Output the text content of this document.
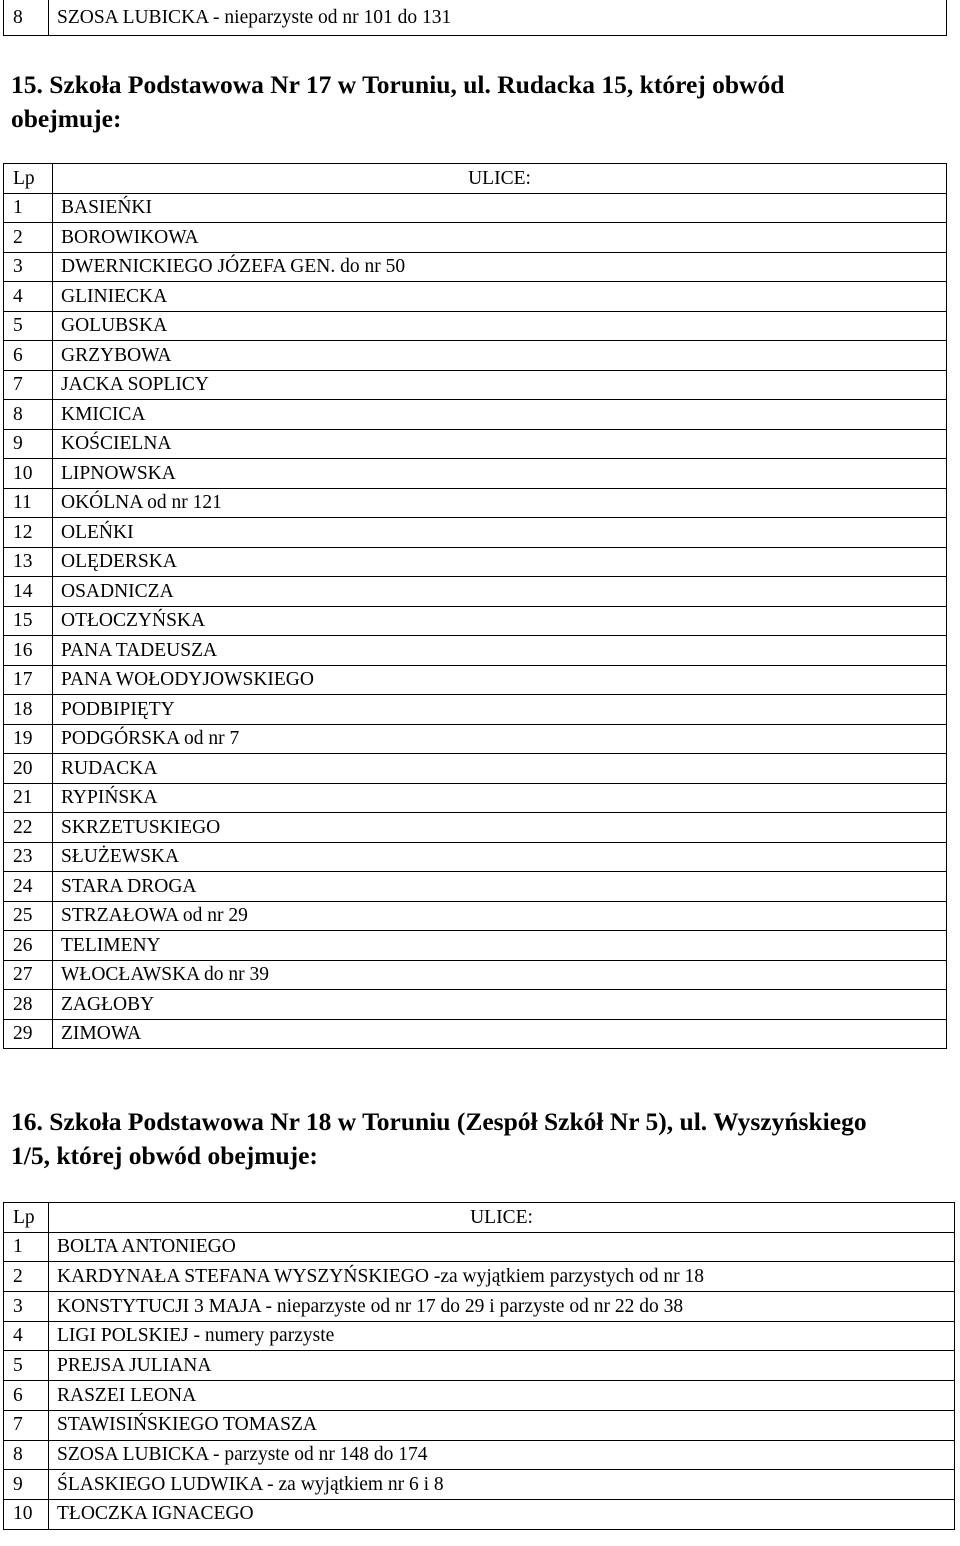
8	SZOSA LUBICKA - nieparzyste od nr 101 do 131
15. Szkoła Podstawowa Nr 17 w Toruniu, ul. Rudacka 15, której obwód
obejmuje:
Lp	ULICE:
1	BASIEŃKI
2	BOROWIKOWA
3	DWERNICKIEGO JÓZEFA GEN. do nr 50
4	GLINIECKA
5	GOLUBSKA
6	GRZYBOWA
7	JACKA SOPLICY
8	KMICICA
9	KOŚCIELNA
10	LIPNOWSKA
11	OKÓLNA od nr 121
12	OLEŃKI
13	OLĘDERSKA
14	OSADNICZA
15	OTŁOCZYŃSKA
16	PANA TADEUSZA
17	PANA WOŁODYJOWSKIEGO
18	PODBIPIĘTY
19	PODGÓRSKA od nr 7
20	RUDACKA
21	RYPIŃSKA
22	SKRZETUSKIEGO
23	SŁUŻEWSKA
24	STARA DROGA
25	STRZAŁOWA od nr 29
26	TELIMENY
27	WŁOCŁAWSKA do nr 39
28	ZAGŁOBY
29	ZIMOWA
16. Szkoła Podstawowa Nr 18 w Toruniu (Zespół Szkół Nr 5), ul. Wyszyńskiego
1/5, której obwód obejmuje:
Lp	ULICE:
1	BOLTA ANTONIEGO
2	KARDYNAŁA STEFANA WYSZYŃSKIEGO -za wyjątkiem parzystych od nr 18
3	KONSTYTUCJI 3 MAJA - nieparzyste od nr 17 do 29 i parzyste od nr 22 do 38
4	LIGI POLSKIEJ - numery parzyste
5	PREJSA JULIANA
6	RASZEI LEONA
7	STAWISIŃSKIEGO TOMASZA
8	SZOSA LUBICKA - parzyste od nr 148 do 174
9	ŚLASKIEGO LUDWIKA - za wyjątkiem nr 6 i 8
10	TŁOCZKA IGNACEGO
